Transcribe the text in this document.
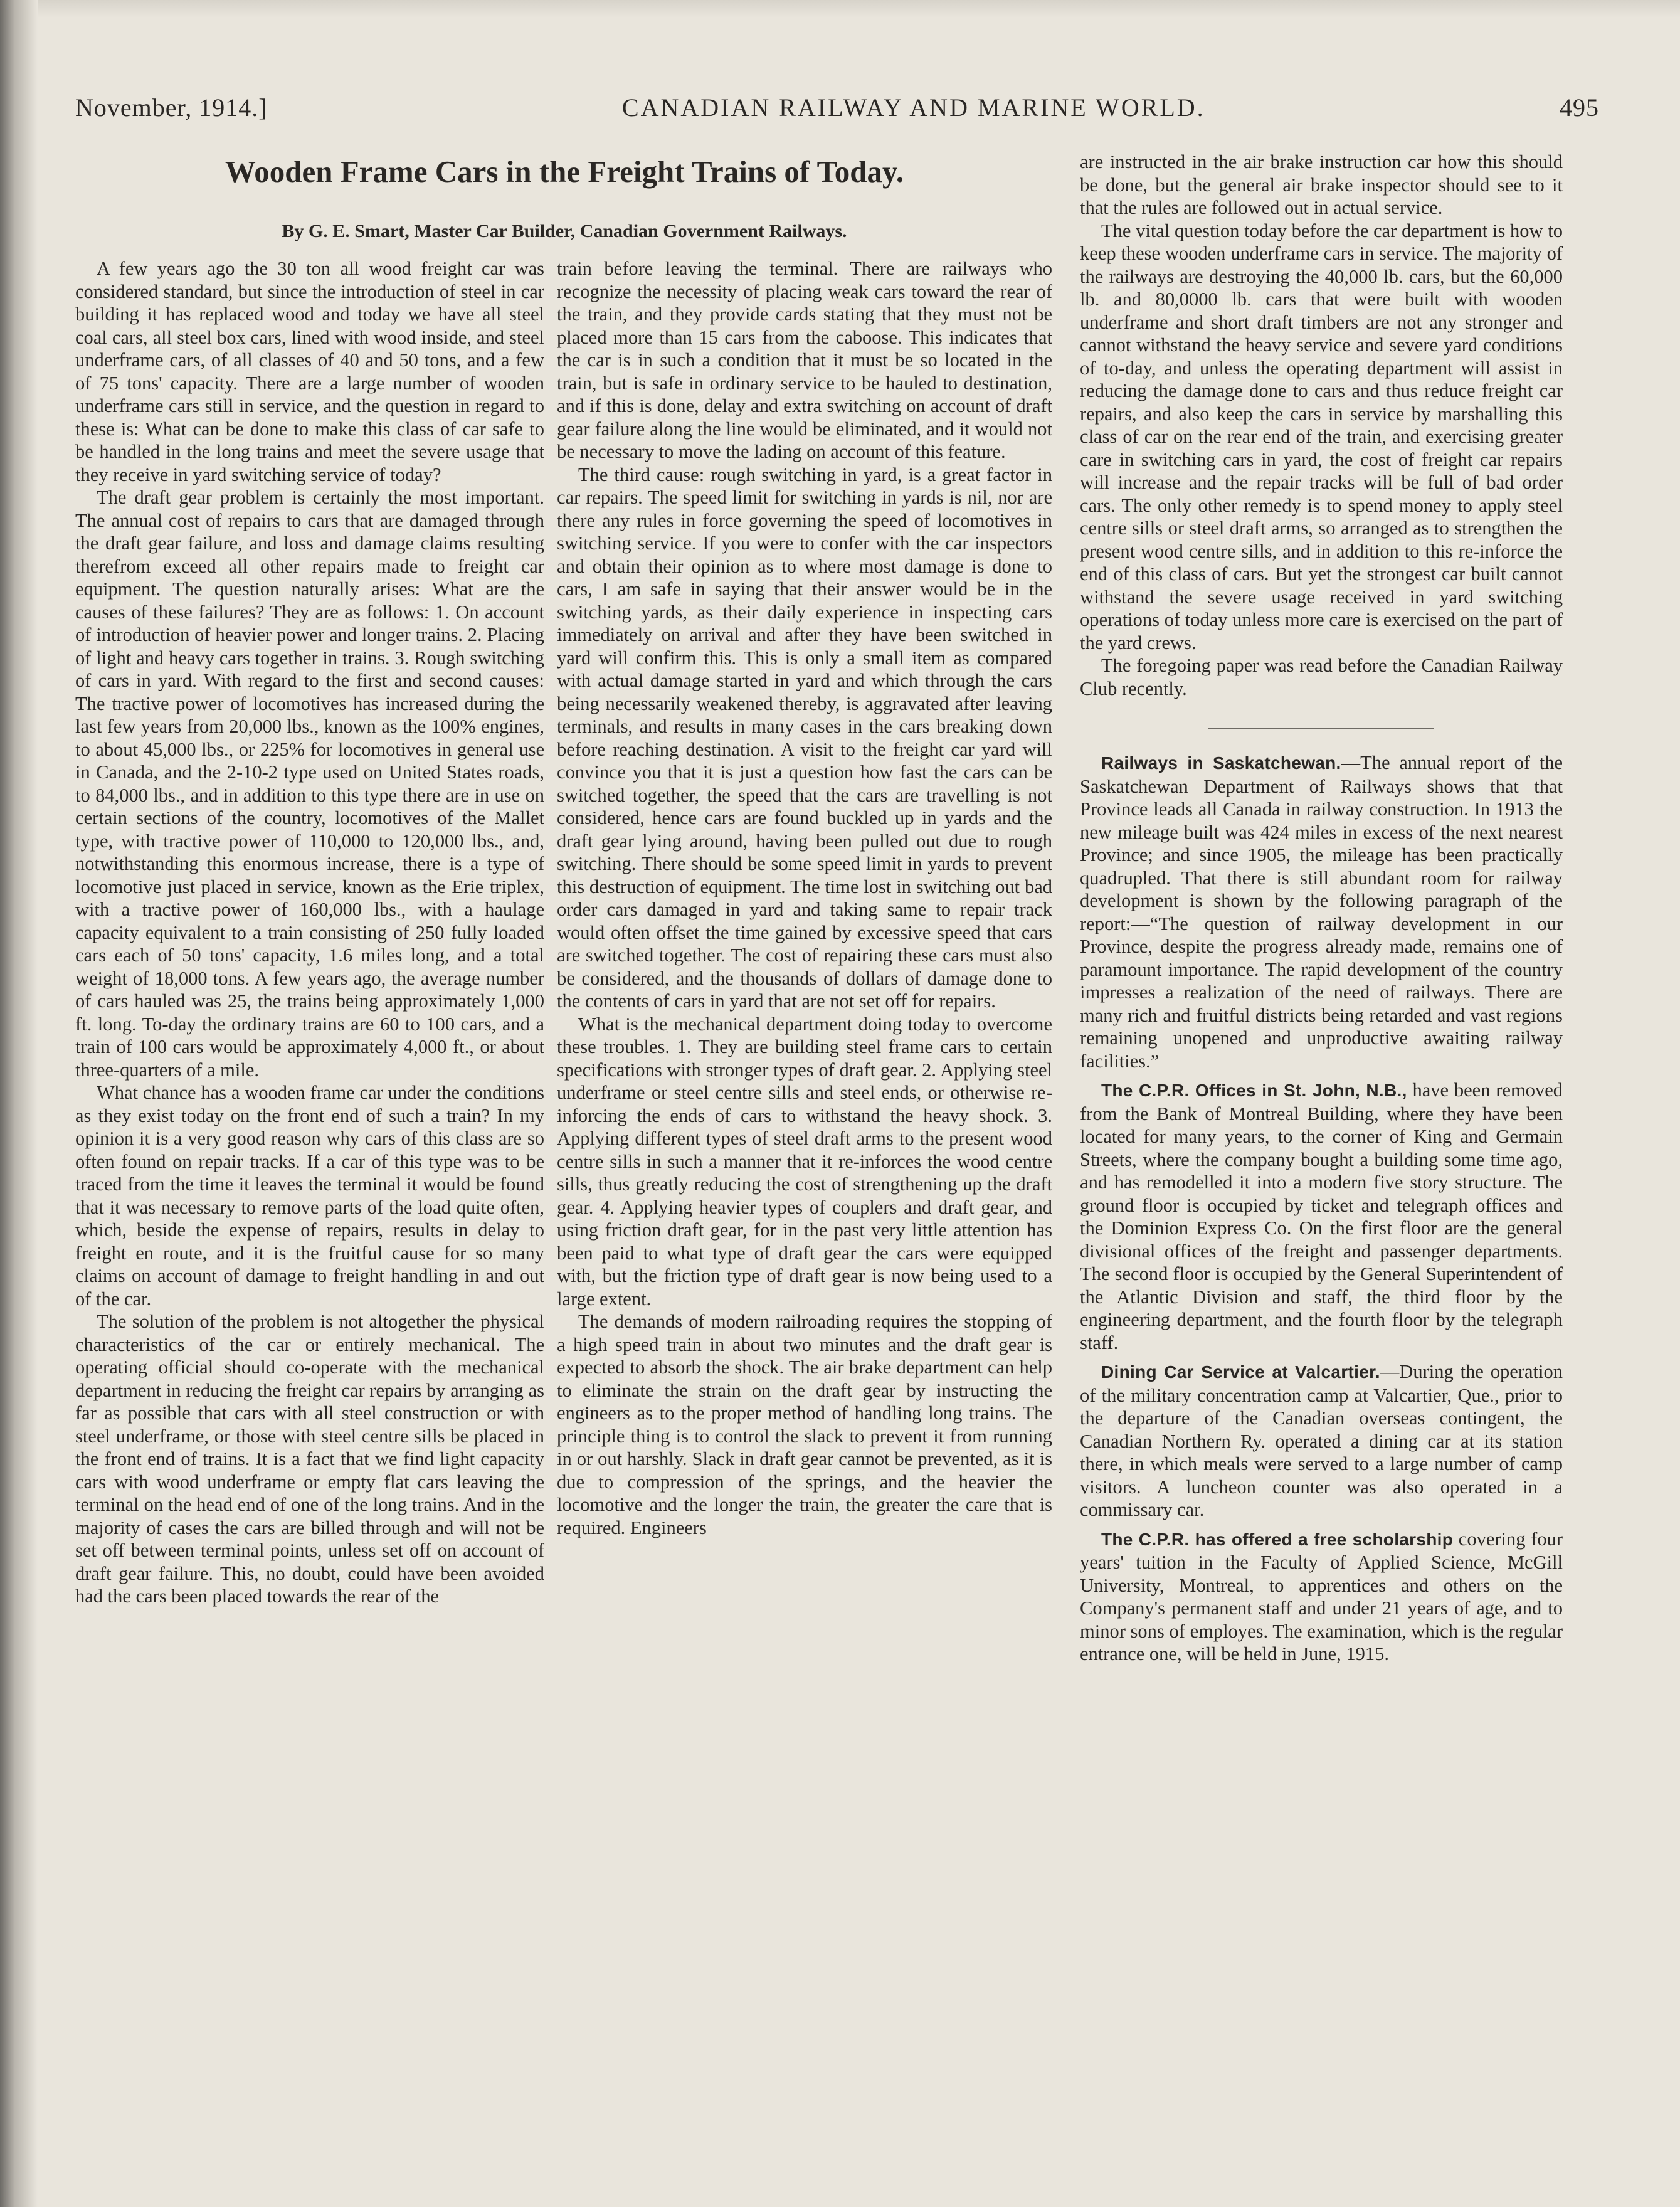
November, 1914.]	CANADIAN RAILWAY AND MARINE WORLD.	495
Wooden Frame Cars in the Freight Trains of Today.
By G. E. Smart, Master Car Builder, Canadian Government Railways.

A few years ago the 30 ton all wood freight car was considered standard, but since the introduction of steel in car building it has replaced wood and today we have all steel coal cars, all steel box cars, lined with wood inside, and steel underframe cars, of all classes of 40 and 50 tons, and a few of 75 tons' capacity. There are a large number of wooden underframe cars still in service, and the question in regard to these is: What can be done to make this class of car safe to be handled in the long trains and meet the severe usage that they receive in yard switching service of today?

The draft gear problem is certainly the most important. The annual cost of repairs to cars that are damaged through the draft gear failure, and loss and damage claims resulting therefrom exceed all other repairs made to freight car equipment. The question naturally arises: What are the causes of these failures? They are as follows: 1. On account of introduction of heavier power and longer trains. 2. Placing of light and heavy cars together in trains. 3. Rough switching of cars in yard. With regard to the first and second causes: The tractive power of locomotives has increased during the last few years from 20,000 lbs., known as the 100% engines, to about 45,000 lbs., or 225% for locomotives in general use in Canada, and the 2-10-2 type used on United States roads, to 84,000 lbs., and in addition to this type there are in use on certain sections of the country, locomotives of the Mallet type, with tractive power of 110,000 to 120,000 lbs., and, notwithstanding this enormous increase, there is a type of locomotive just placed in service, known as the Erie triplex, with a tractive power of 160,000 lbs., with a haulage capacity equivalent to a train consisting of 250 fully loaded cars each of 50 tons' capacity, 1.6 miles long, and a total weight of 18,000 tons. A few years ago, the average number of cars hauled was 25, the trains being approximately 1,000 ft. long. To-day the ordinary trains are 60 to 100 cars, and a train of 100 cars would be approximately 4,000 ft., or about three-quarters of a mile.

What chance has a wooden frame car under the conditions as they exist today on the front end of such a train? In my opinion it is a very good reason why cars of this class are so often found on repair tracks. If a car of this type was to be traced from the time it leaves the terminal it would be found that it was necessary to remove parts of the load quite often, which, beside the expense of repairs, results in delay to freight en route, and it is the fruitful cause for so many claims on account of damage to freight handling in and out of the car.

The solution of the problem is not altogether the physical characteristics of the car or entirely mechanical. The operating official should co-operate with the mechanical department in reducing the freight car repairs by arranging as far as possible that cars with all steel construction or with steel underframe, or those with steel centre sills be placed in the front end of trains. It is a fact that we find light capacity cars with wood underframe or empty flat cars leaving the terminal on the head end of one of the long trains. And in the majority of cases the cars are billed through and will not be set off between terminal points, unless set off on account of draft gear failure. This, no doubt, could have been avoided had the cars been placed towards the rear of the

train before leaving the terminal. There are railways who recognize the necessity of placing weak cars toward the rear of the train, and they provide cards stating that they must not be placed more than 15 cars from the caboose. This indicates that the car is in such a condition that it must be so located in the train, but is safe in ordinary service to be hauled to destination, and if this is done, delay and extra switching on account of draft gear failure along the line would be eliminated, and it would not be necessary to move the lading on account of this feature.

The third cause: rough switching in yard, is a great factor in car repairs. The speed limit for switching in yards is nil, nor are there any rules in force governing the speed of locomotives in switching service. If you were to confer with the car inspectors and obtain their opinion as to where most damage is done to cars, I am safe in saying that their answer would be in the switching yards, as their daily experience in inspecting cars immediately on arrival and after they have been switched in yard will confirm this. This is only a small item as compared with actual damage started in yard and which through the cars being necessarily weakened thereby, is aggravated after leaving terminals, and results in many cases in the cars breaking down before reaching destination. A visit to the freight car yard will convince you that it is just a question how fast the cars can be switched together, the speed that the cars are travelling is not considered, hence cars are found buckled up in yards and the draft gear lying around, having been pulled out due to rough switching. There should be some speed limit in yards to prevent this destruction of equipment. The time lost in switching out bad order cars damaged in yard and taking same to repair track would often offset the time gained by excessive speed that cars are switched together. The cost of repairing these cars must also be considered, and the thousands of dollars of damage done to the contents of cars in yard that are not set off for repairs.

What is the mechanical department doing today to overcome these troubles. 1. They are building steel frame cars to certain specifications with stronger types of draft gear. 2. Applying steel underframe or steel centre sills and steel ends, or otherwise re-inforcing the ends of cars to withstand the heavy shock. 3. Applying different types of steel draft arms to the present wood centre sills in such a manner that it re-inforces the wood centre sills, thus greatly reducing the cost of strengthening up the draft gear. 4. Applying heavier types of couplers and draft gear, and using friction draft gear, for in the past very little attention has been paid to what type of draft gear the cars were equipped with, but the friction type of draft gear is now being used to a large extent.

The demands of modern railroading requires the stopping of a high speed train in about two minutes and the draft gear is expected to absorb the shock. The air brake department can help to eliminate the strain on the draft gear by instructing the engineers as to the proper method of handling long trains. The principle thing is to control the slack to prevent it from running in or out harshly. Slack in draft gear cannot be prevented, as it is due to compression of the springs, and the heavier the locomotive and the longer the train, the greater the care that is required. Engineers

are instructed in the air brake instruction car how this should be done, but the general air brake inspector should see to it that the rules are followed out in actual service.

The vital question today before the car department is how to keep these wooden underframe cars in service. The majority of the railways are destroying the 40,000 lb. cars, but the 60,000 lb. and 80,0000 lb. cars that were built with wooden underframe and short draft timbers are not any stronger and cannot withstand the heavy service and severe yard conditions of to-day, and unless the operating department will assist in reducing the damage done to cars and thus reduce freight car repairs, and also keep the cars in service by marshalling this class of car on the rear end of the train, and exercising greater care in switching cars in yard, the cost of freight car repairs will increase and the repair tracks will be full of bad order cars. The only other remedy is to spend money to apply steel centre sills or steel draft arms, so arranged as to strengthen the present wood centre sills, and in addition to this re-inforce the end of this class of cars. But yet the strongest car built cannot withstand the severe usage received in yard switching operations of today unless more care is exercised on the part of the yard crews.

The foregoing paper was read before the Canadian Railway Club recently.

Railways in Saskatchewan.—The annual report of the Saskatchewan Department of Railways shows that that Province leads all Canada in railway construction. In 1913 the new mileage built was 424 miles in excess of the next nearest Province; and since 1905, the mileage has been practically quadrupled. That there is still abundant room for railway development is shown by the following paragraph of the report:—“The question of railway development in our Province, despite the progress already made, remains one of paramount importance. The rapid development of the country impresses a realization of the need of railways. There are many rich and fruitful districts being retarded and vast regions remaining unopened and unproductive awaiting railway facilities.”

The C.P.R. Offices in St. John, N.B., have been removed from the Bank of Montreal Building, where they have been located for many years, to the corner of King and Germain Streets, where the company bought a building some time ago, and has remodelled it into a modern five story structure. The ground floor is occupied by ticket and telegraph offices and the Dominion Express Co. On the first floor are the general divisional offices of the freight and passenger departments. The second floor is occupied by the General Superintendent of the Atlantic Division and staff, the third floor by the engineering department, and the fourth floor by the telegraph staff.

Dining Car Service at Valcartier.—During the operation of the military concentration camp at Valcartier, Que., prior to the departure of the Canadian overseas contingent, the Canadian Northern Ry. operated a dining car at its station there, in which meals were served to a large number of camp visitors. A luncheon counter was also operated in a commissary car.

The C.P.R. has offered a free scholarship covering four years' tuition in the Faculty of Applied Science, McGill University, Montreal, to apprentices and others on the Company's permanent staff and under 21 years of age, and to minor sons of employes. The examination, which is the regular entrance one, will be held in June, 1915.
